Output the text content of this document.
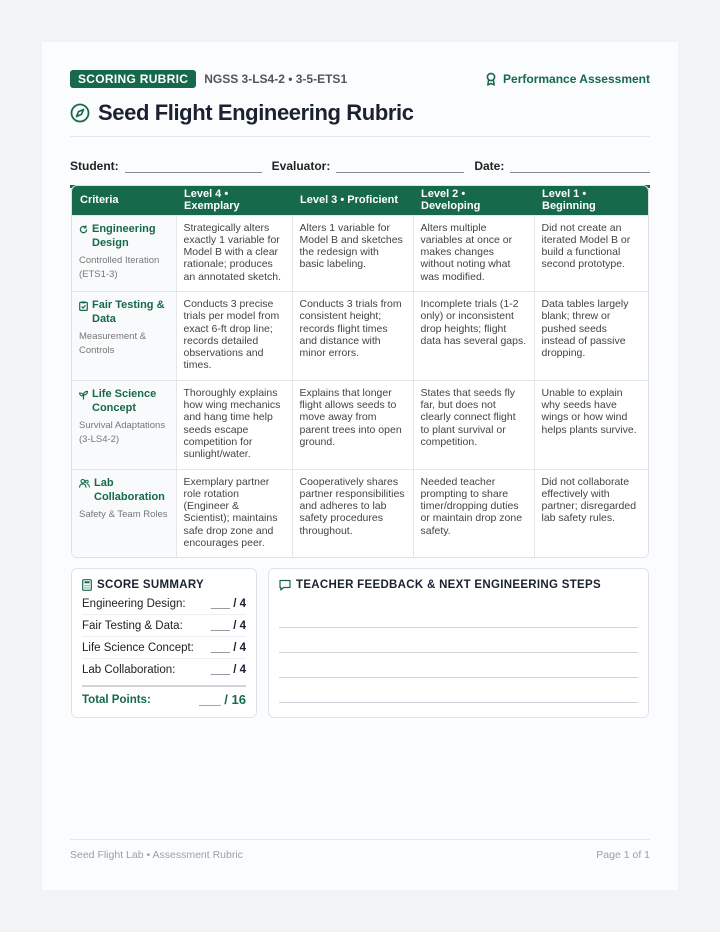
SCORING RUBRIC	NGSS 3-LS4-2 • 3-5-ETS1	Performance Assessment
Seed Flight Engineering Rubric
Student:	Evaluator:	Date:
Criteria	Level 4 • Exemplary	Level 3 • Proficient	Level 2 • Developing	Level 1 • Beginning

Engineering Design
Controlled Iteration (ETS1-3)	Strategically alters exactly 1 variable for Model B with a clear rationale; produces an annotated sketch.	Alters 1 variable for Model B and sketches the redesign with basic labeling.	Alters multiple variables at once or makes changes without noting what was modified.	Did not create an iterated Model B or build a functional second prototype.

Fair Testing & Data
Measurement & Controls	Conducts 3 precise trials per model from exact 6-ft drop line; records detailed observations and times.	Conducts 3 trials from consistent height; records flight times and distance with minor errors.	Incomplete trials (1-2 only) or inconsistent drop heights; flight data has several gaps.	Data tables largely blank; threw or pushed seeds instead of passive dropping.

Life Science Concept
Survival Adaptations (3-LS4-2)	Thoroughly explains how wing mechanics and hang time help seeds escape competition for sunlight/water.	Explains that longer flight allows seeds to move away from parent trees into open ground.	States that seeds fly far, but does not clearly connect flight to plant survival or competition.	Unable to explain why seeds have wings or how wind helps plants survive.

Lab Collaboration
Safety & Team Roles	Exemplary partner role rotation (Engineer & Scientist); maintains safe drop zone and encourages peer.	Cooperatively shares partner responsibilities and adheres to lab safety procedures throughout.	Needed teacher prompting to share timer/dropping duties or maintain drop zone safety.	Did not collaborate effectively with partner; disregarded lab safety rules.
SCORE SUMMARY
Engineering Design: ___ / 4
Fair Testing & Data: ___ / 4
Life Science Concept: ___ / 4
Lab Collaboration:	___ / 4
Total Points:	___ / 16
TEACHER FEEDBACK & NEXT ENGINEERING STEPS
Seed Flight Lab • Assessment Rubric	Page 1 of 1
